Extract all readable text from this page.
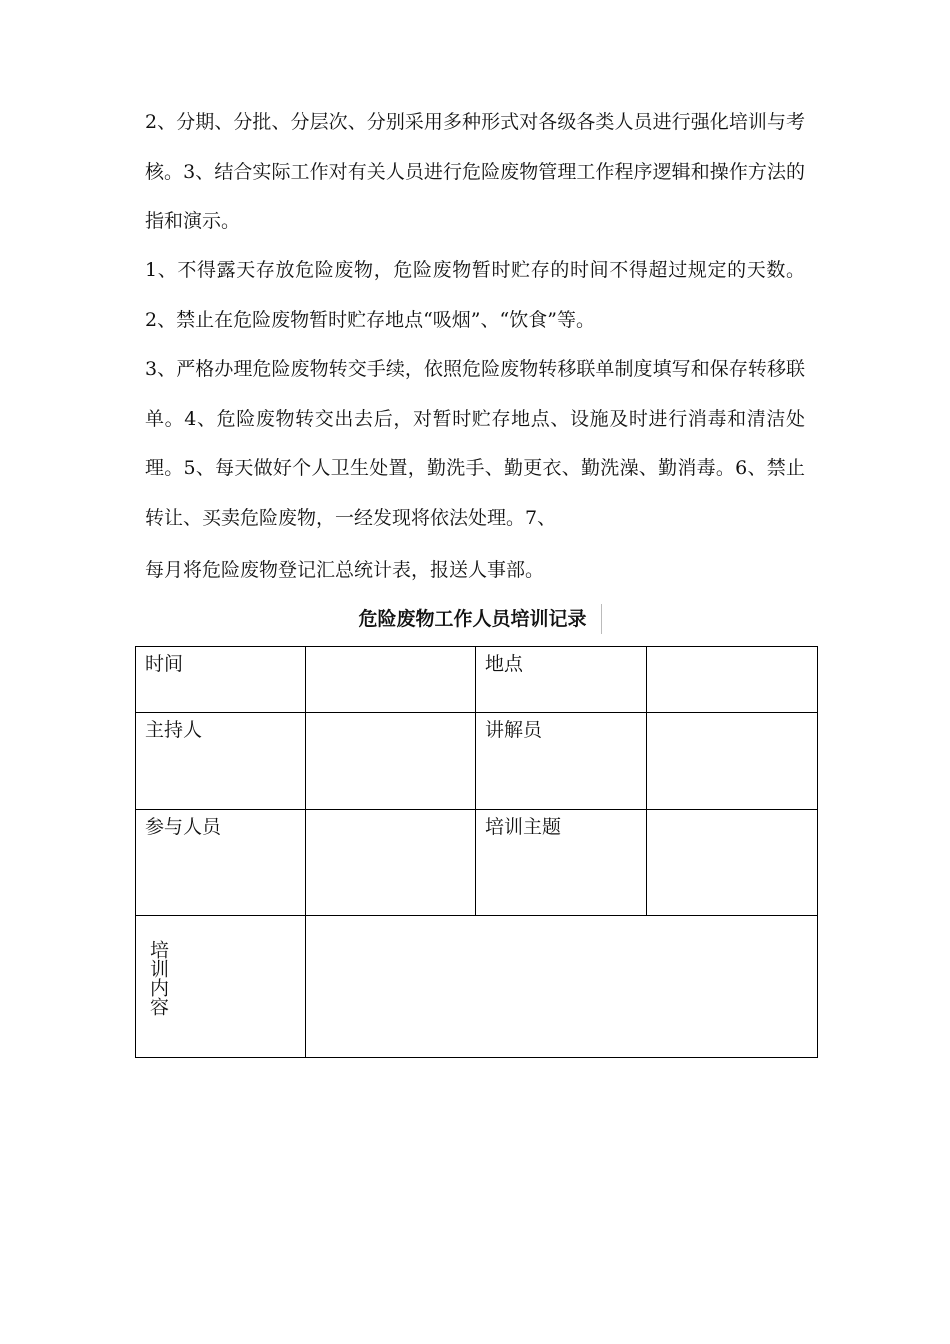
2、分期、分批、分层次、分别采用多种形式对各级各类人员进行强化培训与考核。3、结合实际工作对有关人员进行危险废物管理工作程序逻辑和操作方法的指和演示。

1、不得露天存放危险废物，危险废物暂时贮存的时间不得超过规定的天数。2、禁止在危险废物暂时贮存地点“吸烟”、“饮食”等。

3、严格办理危险废物转交手续，依照危险废物转移联单制度填写和保存转移联单。4、危险废物转交出去后，对暂时贮存地点、设施及时进行消毒和清洁处理。5、每天做好个人卫生处置，勤洗手、勤更衣、勤洗澡、勤消毒。6、禁止转让、买卖危险废物，一经发现将依法处理。7、

每月将危险废物登记汇总统计表，报送人事部。

危险废物工作人员培训记录
时间		地点	
主持人		讲解员	
参与人员		培训主题	

培训内容			
